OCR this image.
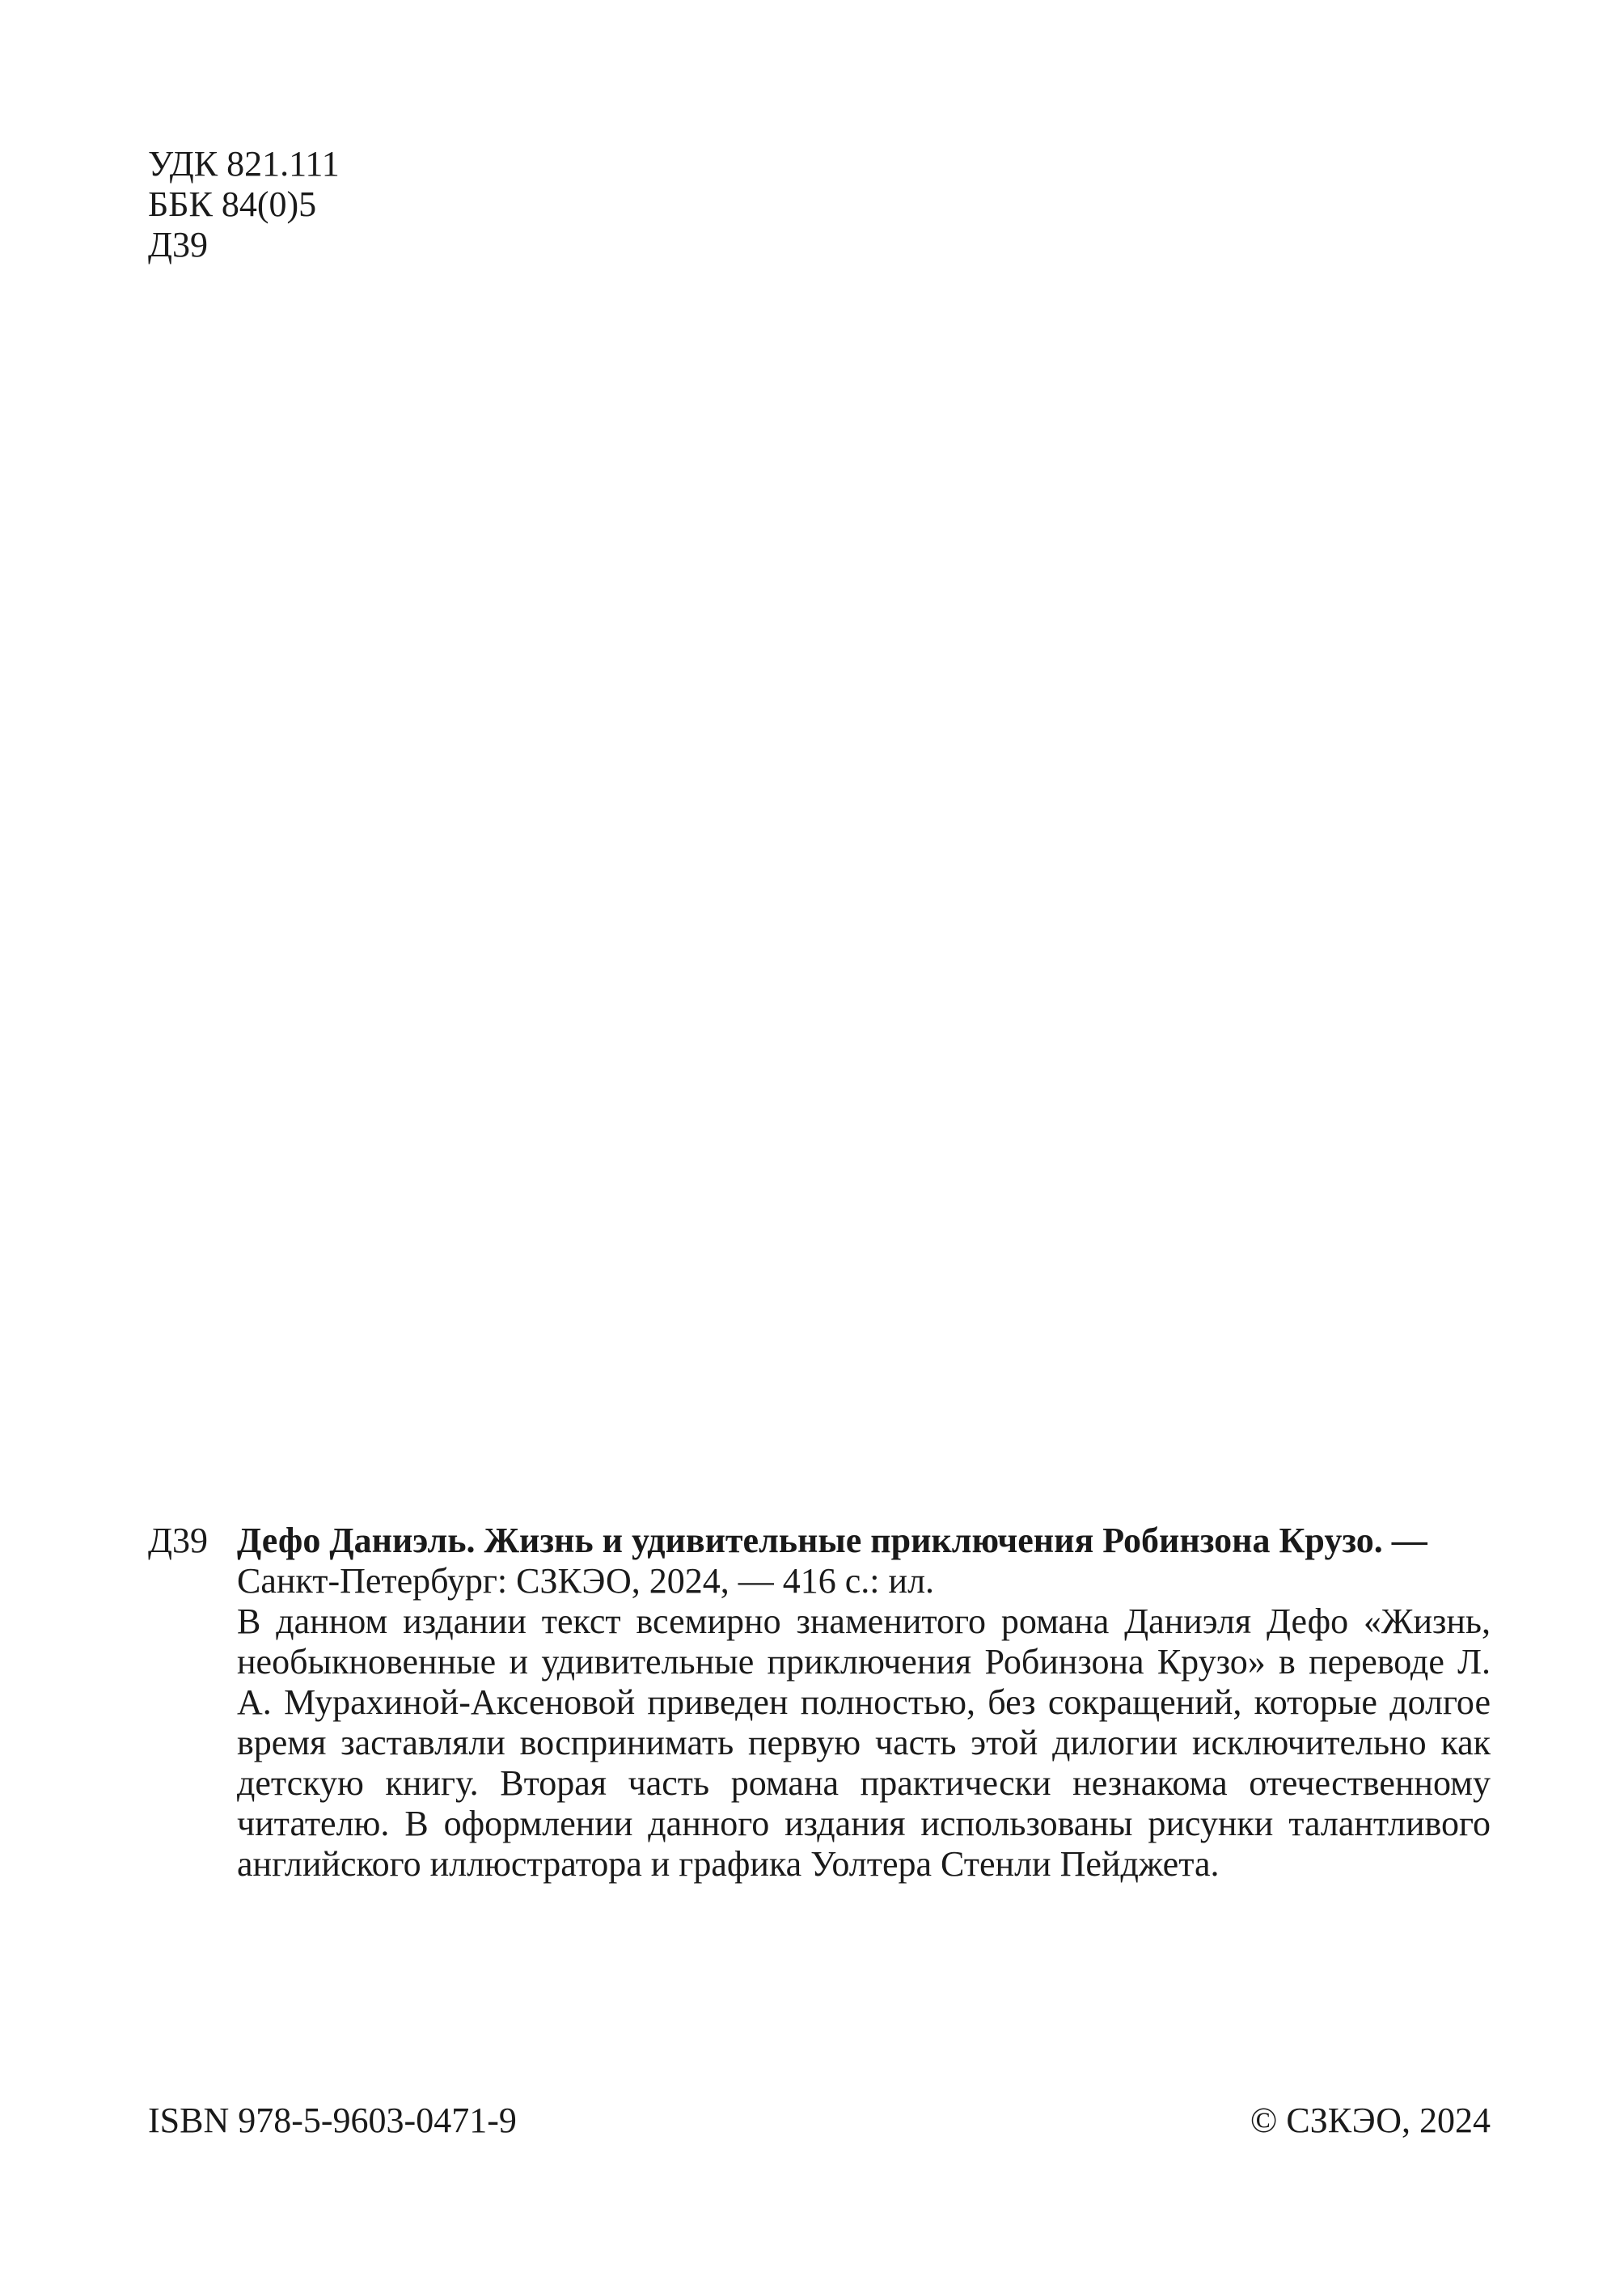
УДК 821.111
ББК 84(0)5
Д39
Д39 Дефо Даниэль. Жизнь и удивительные приключения Робинзона Крузо. —
Санкт-Петербург: СЗКЭО, 2024, — 416 с.: ил.
В данном издании текст всемирно знаменитого романа Даниэля Дефо «Жизнь, необыкновенные и удивительные приключения Робинзона Крузо» в переводе Л. А. Мурахиной-Аксеновой приведен полностью, без сокращений, которые долгое время заставляли воспринимать первую часть этой дилогии исключительно как детскую книгу. Вторая часть романа практически незнакома отечественному читателю. В оформлении данного издания использованы рисунки талантливого английского иллюстратора и графика Уолтера Стенли Пейджета.
ISBN 978-5-9603-0471-9	© СЗКЭО, 2024
